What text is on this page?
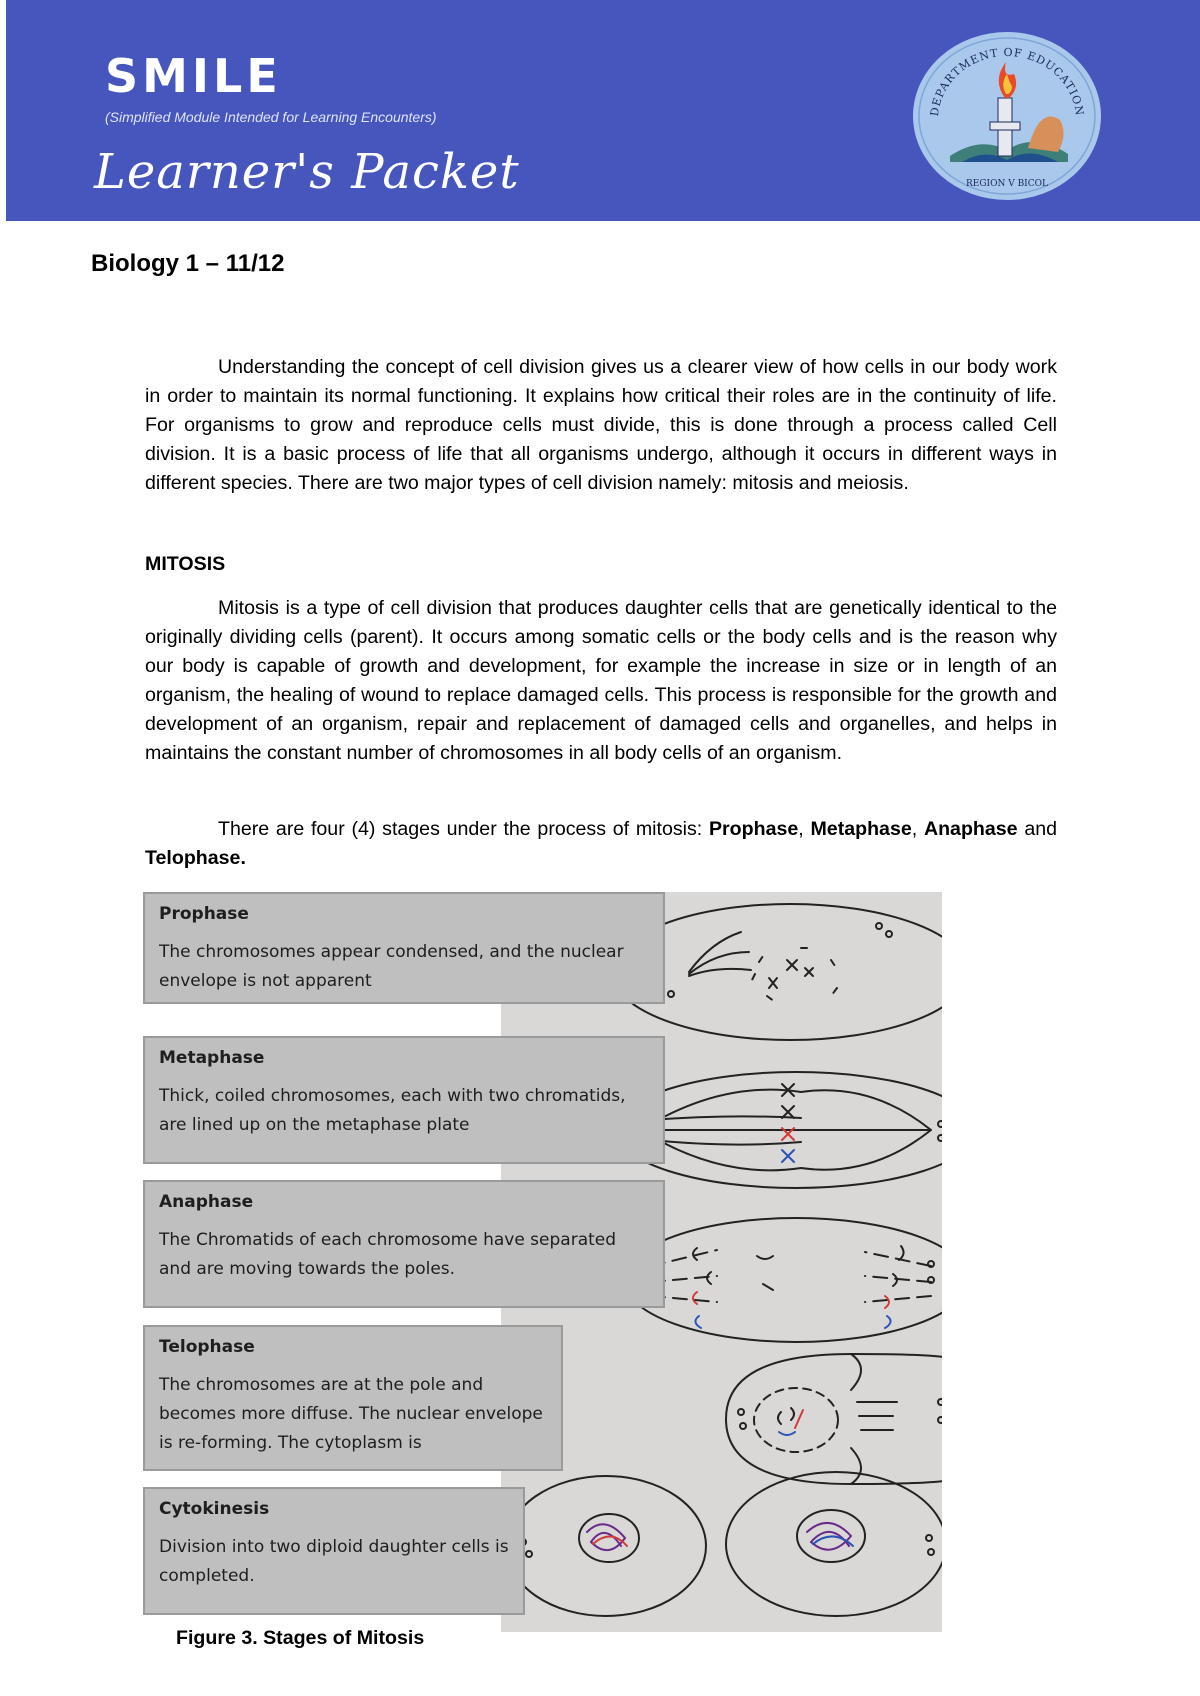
SMILE
(Simplified Module Intended for Learning Encounters)
Learner's Packet
DEPARTMENT OF EDUCATION
REGION V BICOL
Biology 1 – 11/12

Understanding the concept of cell division gives us a clearer view of how cells in our body work in order to maintain its normal functioning. It explains how critical their roles are in the continuity of life. For organisms to grow and reproduce cells must divide, this is done through a process called Cell division. It is a basic process of life that all organisms undergo, although it occurs in different ways in different species. There are two major types of cell division namely: mitosis and meiosis.

MITOSIS

Mitosis is a type of cell division that produces daughter cells that are genetically identical to the originally dividing cells (parent). It occurs among somatic cells or the body cells and is the reason why our body is capable of growth and development, for example the increase in size or in length of an organism, the healing of wound to replace damaged cells. This process is responsible for the growth and development of an organism, repair and replacement of damaged cells and organelles, and helps in maintains the constant number of chromosomes in all body cells of an organism.

There are four (4) stages under the process of mitosis: Prophase, Metaphase, Anaphase and Telophase.

Prophase
The chromosomes appear condensed, and the nuclear envelope is not apparent
Metaphase
Thick, coiled chromosomes, each with two chromatids, are lined up on the metaphase plate
Anaphase
The Chromatids of each chromosome have separated and are moving towards the poles.
Telophase
The chromosomes are at the pole and becomes more diffuse. The nuclear envelope is re-forming. The cytoplasm is
Cytokinesis
Division into two diploid daughter cells is completed.
Figure 3. Stages of Mitosis
